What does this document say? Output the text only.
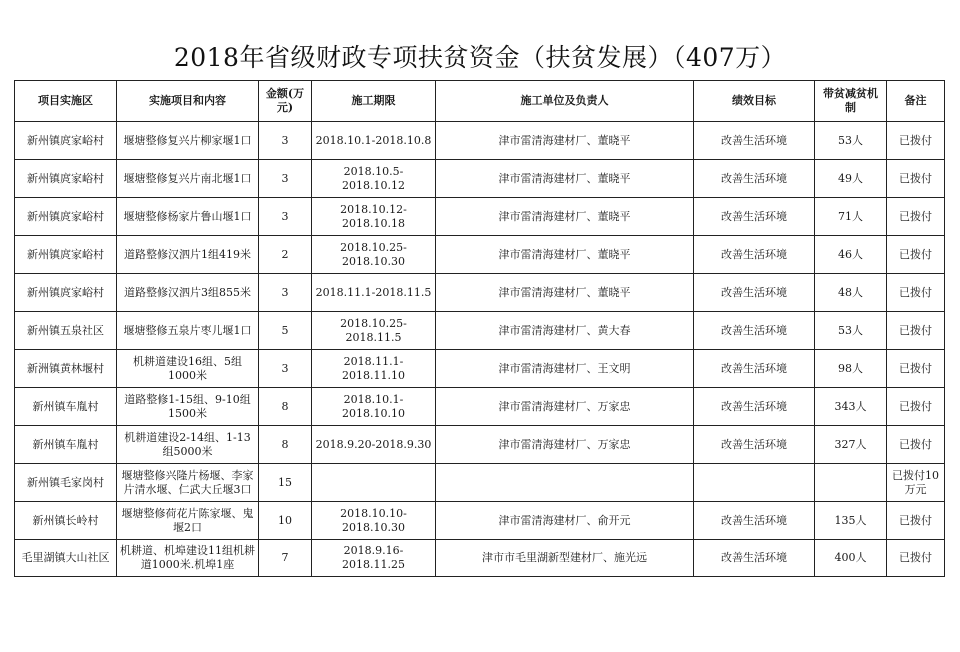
2018年省级财政专项扶贫资金（扶贫发展）（407万）
项目实施区	实施项目和内容	金额(万元)	施工期限	施工单位及负责人	绩效目标	带贫减贫机制	备注
新州镇庹家峪村	堰塘整修复兴片柳家堰1口	3	2018.10.1-2018.10.8	津市雷清海建材厂、董晓平	改善生活环境	53人	已拨付
新州镇庹家峪村	堰塘整修复兴片南北堰1口	3	2018.10.5-2018.10.12	津市雷清海建材厂、董晓平	改善生活环境	49人	已拨付
新州镇庹家峪村	堰塘整修杨家片鲁山堰1口	3	2018.10.12-2018.10.18	津市雷清海建材厂、董晓平	改善生活环境	71人	已拨付
新州镇庹家峪村	道路整修汉泗片1组419米	2	2018.10.25-2018.10.30	津市雷清海建材厂、董晓平	改善生活环境	46人	已拨付
新州镇庹家峪村	道路整修汉泗片3组855米	3	2018.11.1-2018.11.5	津市雷清海建材厂、董晓平	改善生活环境	48人	已拨付
新州镇五泉社区	堰塘整修五泉片枣儿堰1口	5	2018.10.25-2018.11.5	津市雷清海建材厂、黄大春	改善生活环境	53人	已拨付
新洲镇黄林堰村	机耕道建设16组、5组1000米	3	2018.11.1-2018.11.10	津市雷清海建材厂、王文明	改善生活环境	98人	已拨付
新州镇车胤村	道路整修1-15组、9-10组1500米	8	2018.10.1-2018.10.10	津市雷清海建材厂、万家忠	改善生活环境	343人	已拨付
新州镇车胤村	机耕道建设2-14组、1-13组5000米	8	2018.9.20-2018.9.30	津市雷清海建材厂、万家忠	改善生活环境	327人	已拨付
新州镇毛家岗村	堰塘整修兴隆片杨堰、李家片清水堰、仁武大丘堰3口	15					已拨付10万元
新州镇长岭村	堰塘整修荷花片陈家堰、鬼堰2口	10	2018.10.10-2018.10.30	津市雷清海建材厂、俞开元	改善生活环境	135人	已拨付
毛里湖镇大山社区	机耕道、机埠建设11组机耕道1000米.机埠1座	7	2018.9.16-2018.11.25	津市市毛里湖新型建材厂、施光远	改善生活环境	400人	已拨付
